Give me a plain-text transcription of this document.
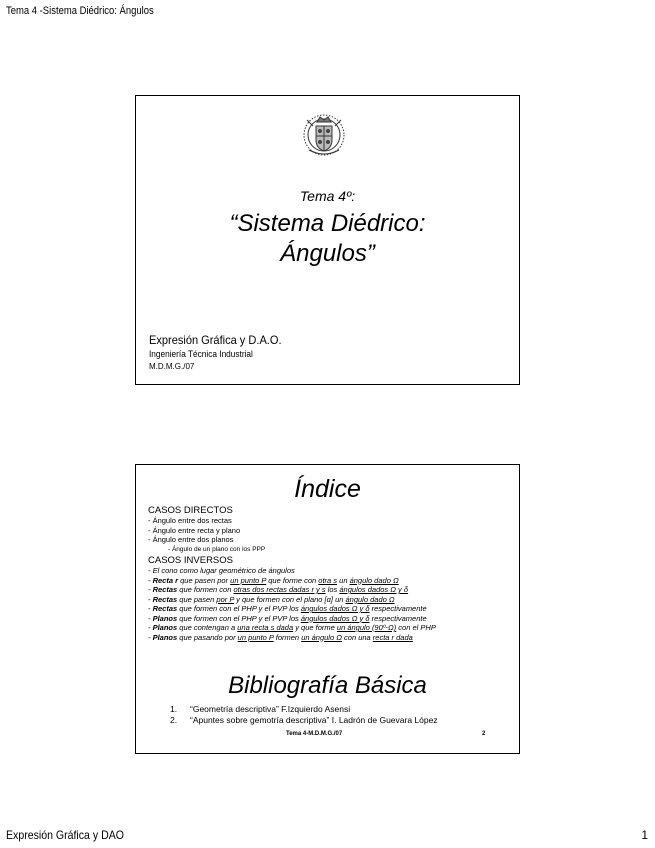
Tema 4 -Sistema Diédrico: Ángulos
Tema 4º:
“Sistema Diédrico:
Ángulos”
Expresión Gráfica y D.A.O.
Ingeniería Técnica Industrial
M.D.M.G./07
Índice
CASOS DIRECTOS
- Ángulo entre dos rectas
- Ángulo entre recta y plano
- Ángulo entre dos planos
- Ángulo de un plano con los PPP
CASOS INVERSOS
- El cono como lugar geométrico de ángulos
- Recta r que pasen por un punto P que forme con otra s un ángulo dado Ω
- Rectas que formen con otras dos rectas dadas r y s los ángulos dados Ω y δ
- Rectas que pasen por P y que formen con el plano [α] un ángulo dado Ω
- Rectas que formen con el PHP y el PVP los ángulos dados Ω y δ respectivamente
- Planos que formen con el PHP y el PVP los ángulos dados Ω y δ respectivamente
- Planos que contengan a una recta s dada y que forme un ángulo (90º-Ω) con el PHP
- Planos que pasando por un punto P formen un ángulo Ω con una recta r dada
Bibliografía Básica
1. “Geometría descriptiva” F.Izquierdo Asensi
2. “Apuntes sobre gemotría descriptiva” I. Ladrón de Guevara López
Tema 4-M.D.M.G./07	2
Expresión Gráfica y DAO	1
